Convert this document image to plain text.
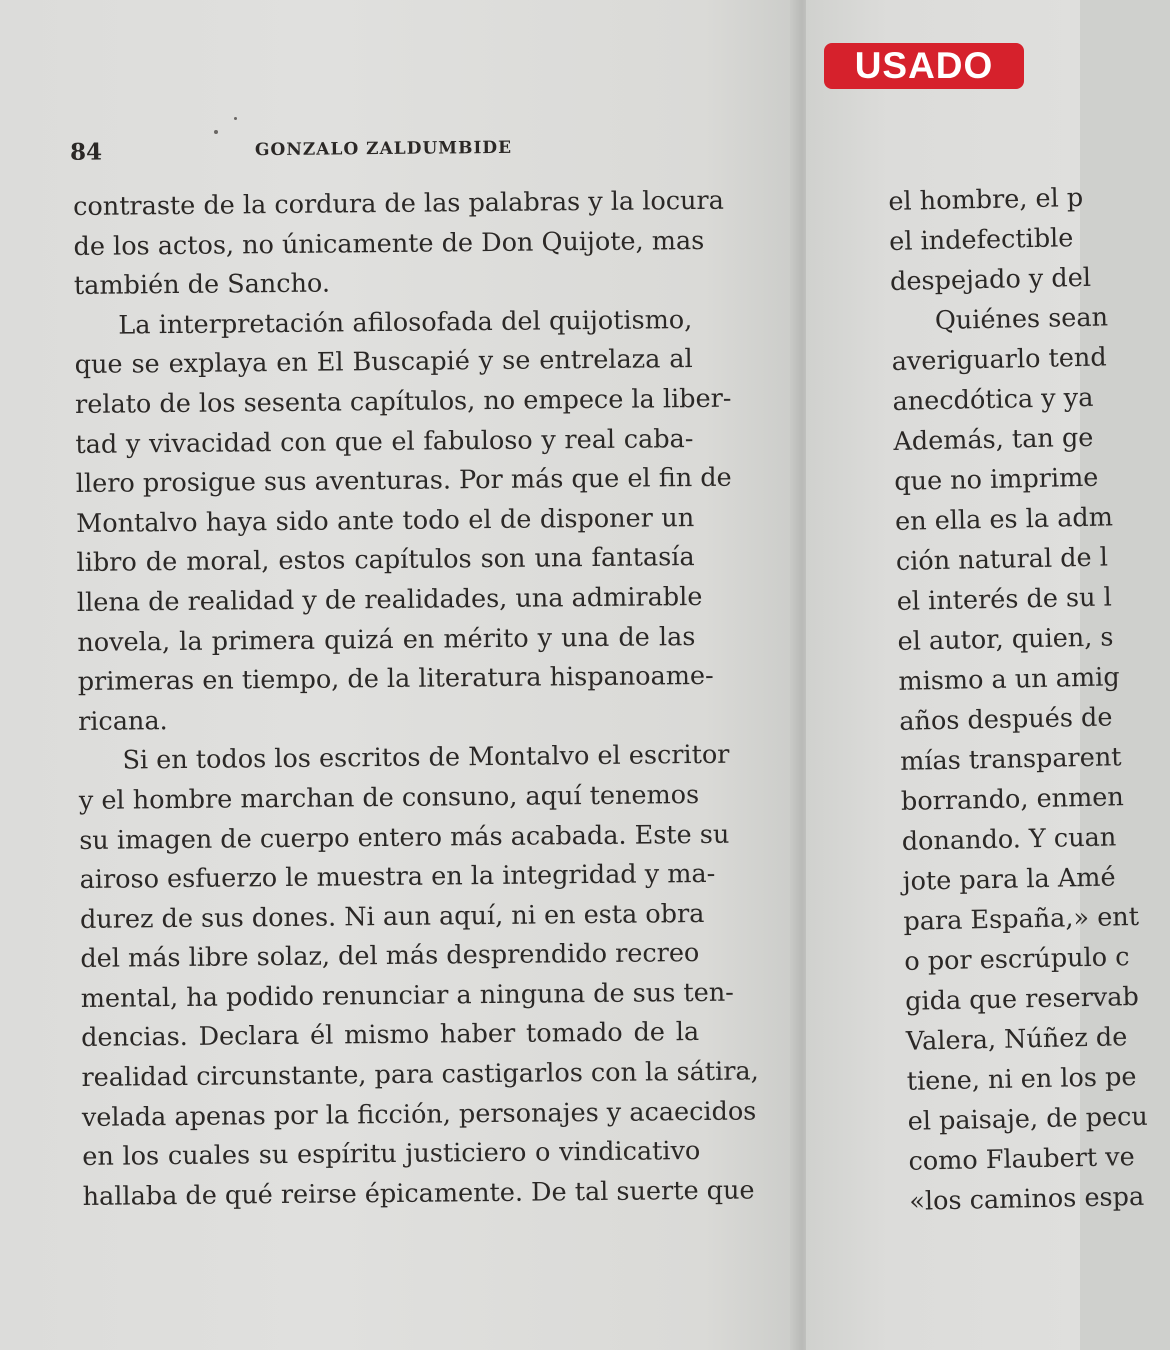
84	GONZALO ZALDUMBIDE

contraste de la cordura de las palabras y la locura

de los actos, no únicamente de Don Quijote, mas

también de Sancho.

La interpretación afilosofada del quijotismo,

que se explaya en El Buscapié y se entrelaza al

relato de los sesenta capítulos, no empece la liber-

tad y vivacidad con que el fabuloso y real caba-

llero prosigue sus aventuras. Por más que el fin de

Montalvo haya sido ante todo el de disponer un

libro de moral, estos capítulos son una fantasía

llena de realidad y de realidades, una admirable

novela, la primera quizá en mérito y una de las

primeras en tiempo, de la literatura hispanoame-

ricana.

Si en todos los escritos de Montalvo el escritor

y el hombre marchan de consuno, aquí tenemos

su imagen de cuerpo entero más acabada. Este su

airoso esfuerzo le muestra en la integridad y ma-

durez de sus dones. Ni aun aquí, ni en esta obra

del más libre solaz, del más desprendido recreo

mental, ha podido renunciar a ninguna de sus ten-

dencias. Declara él mismo haber tomado de la

realidad circunstante, para castigarlos con la sátira,

velada apenas por la ficción, personajes y acaecidos

en los cuales su espíritu justiciero o vindicativo

hallaba de qué reirse épicamente. De tal suerte que

el hombre, el p

el indefectible

despejado y del

Quiénes sean

averiguarlo tend

anecdótica y ya

Además, tan ge

que no imprime

en ella es la adm

ción natural de l

el interés de su l

el autor, quien, s

mismo a un amig

años después de

mías transparent

borrando, enmen

donando. Y cuan

jote para la Amé

para España,» ent

o por escrúpulo c

gida que reservab

Valera, Núñez de

tiene, ni en los pe

el paisaje, de pecu

como Flaubert ve

«los caminos espa

USADO
